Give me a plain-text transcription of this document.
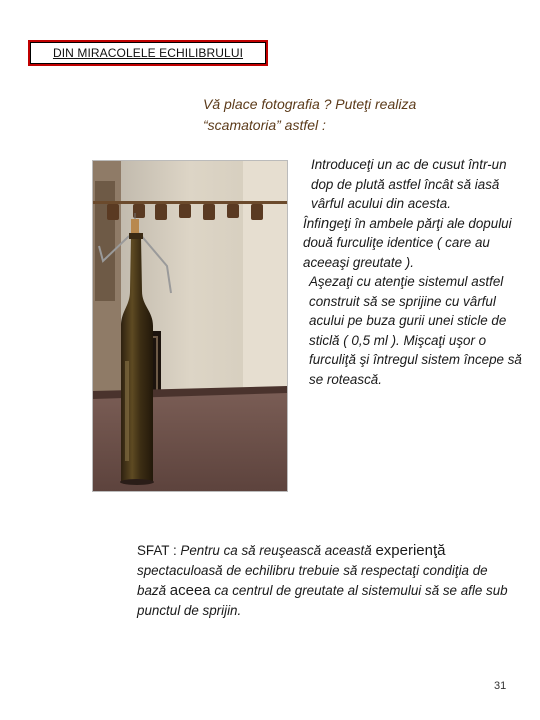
DIN MIRACOLELE ECHILIBRULUI
Vă place fotografia ? Puteţi realiza
“scamatoria” astfel :

Introduceţi un ac de cusut într-un dop de plută astfel încât să iasă vârful acului din acesta.

Înfingeţi în ambele părţi ale dopului două furculiţe identice ( care au aceeaşi greutate ).

Aşezaţi cu atenţie sistemul astfel construit să se sprijine cu vârful acului pe buza gurii unei sticle de sticlă ( 0,5 ml ). Mişcaţi uşor o furculiţă şi întregul sistem începe să se rotească.

SFAT : Pentru ca să reuşească această experienţă spectaculoasă de echilibru trebuie să respectaţi condiţia de bază aceea ca centrul de greutate al sistemului să se afle sub punctul de sprijin.
31
